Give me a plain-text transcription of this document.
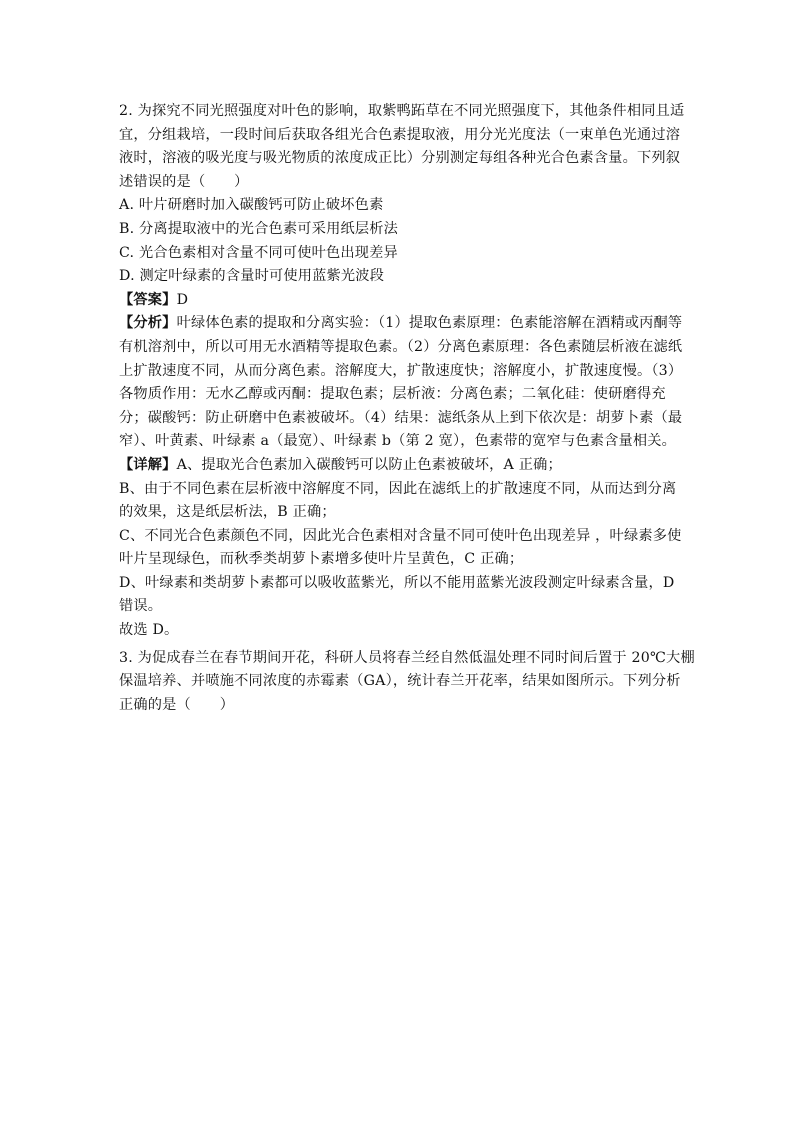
2. 为探究不同光照强度对叶色的影响，取紫鸭跖草在不同光照强度下，其他条件相同且适
宜，分组栽培，一段时间后获取各组光合色素提取液，用分光光度法（一束单色光通过溶
液时，溶液的吸光度与吸光物质的浓度成正比）分别测定每组各种光合色素含量。下列叙
述错误的是（　　）
A. 叶片研磨时加入碳酸钙可防止破坏色素
B. 分离提取液中的光合色素可采用纸层析法
C. 光合色素相对含量不同可使叶色出现差异
D. 测定叶绿素的含量时可使用蓝紫光波段
【答案】D
【分析】叶绿体色素的提取和分离实验：（1）提取色素原理：色素能溶解在酒精或丙酮等
有机溶剂中，所以可用无水酒精等提取色素。（2）分离色素原理：各色素随层析液在滤纸
上扩散速度不同，从而分离色素。溶解度大，扩散速度快；溶解度小，扩散速度慢。（3）
各物质作用：无水乙醇或丙酮：提取色素；层析液：分离色素；二氧化硅：使研磨得充
分；碳酸钙：防止研磨中色素被破坏。（4）结果：滤纸条从上到下依次是：胡萝卜素（最
窄）、叶黄素、叶绿素 a（最宽）、叶绿素 b（第 2 宽），色素带的宽窄与色素含量相关。
【详解】A、提取光合色素加入碳酸钙可以防止色素被破坏，A 正确；
B、由于不同色素在层析液中溶解度不同，因此在滤纸上的扩散速度不同，从而达到分离
的效果，这是纸层析法，B 正确；
C、不同光合色素颜色不同，因此光合色素相对含量不同可使叶色出现差异 ，叶绿素多使
叶片呈现绿色，而秋季类胡萝卜素增多使叶片呈黄色，C 正确；
D、叶绿素和类胡萝卜素都可以吸收蓝紫光，所以不能用蓝紫光波段测定叶绿素含量，D
错误。
故选 D。
3. 为促成春兰在春节期间开花，科研人员将春兰经自然低温处理不同时间后置于 20℃大棚
保温培养、并喷施不同浓度的赤霉素（GA），统计春兰开花率，结果如图所示。下列分析
正确的是（　　）
